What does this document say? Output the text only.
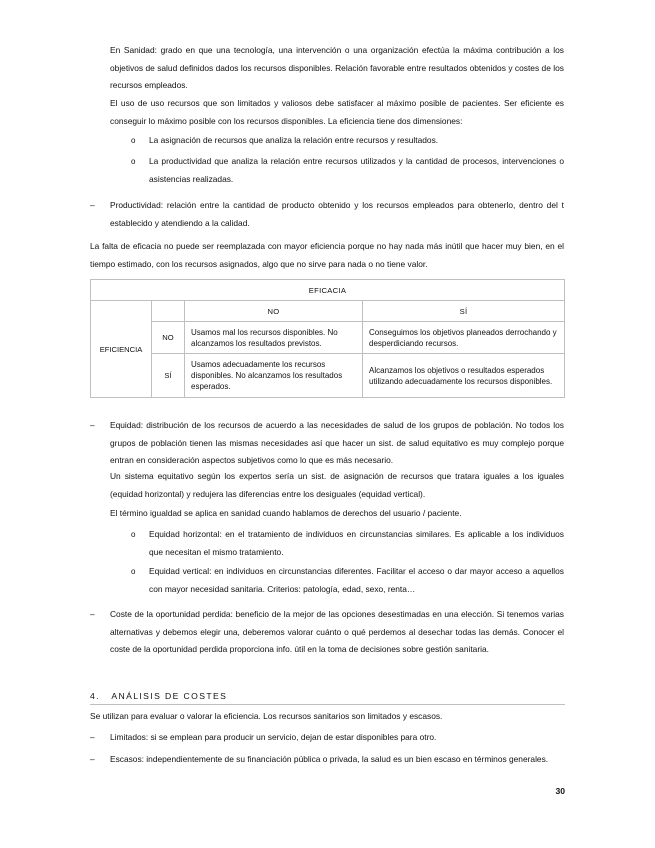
En Sanidad: grado en que una tecnología, una intervención o una organización efectúa la máxima contribución a los objetivos de salud definidos dados los recursos disponibles. Relación favorable entre resultados obtenidos y costes de los recursos empleados.
El uso de uso recursos que son limitados y valiosos debe satisfacer al máximo posible de pacientes. Ser eficiente es conseguir lo máximo posible con los recursos disponibles. La eficiencia tiene dos dimensiones:
o La asignación de recursos que analiza la relación entre recursos y resultados.
o La productividad que analiza la relación entre recursos utilizados y la cantidad de procesos, intervenciones o asistencias realizadas.
– Productividad: relación entre la cantidad de producto obtenido y los recursos empleados para obtenerlo, dentro del t establecido y atendiendo a la calidad.
La falta de eficacia no puede ser reemplazada con mayor eficiencia porque no hay nada más inútil que hacer muy bien, en el tiempo estimado, con los recursos asignados, algo que no sirve para nada o no tiene valor.
EFICACIA			
EFICIENCIA		NO	SÍ
	NO	Usamos mal los recursos disponibles. No alcanzamos los resultados previstos.	Conseguimos los objetivos planeados derrochando y desperdiciando recursos.
	SÍ	Usamos adecuadamente los recursos disponibles. No alcanzamos los resultados esperados.	Alcanzamos los objetivos o resultados esperados utilizando adecuadamente los recursos disponibles.
– Equidad: distribución de los recursos de acuerdo a las necesidades de salud de los grupos de población. No todos los grupos de población tienen las mismas necesidades así que hacer un sist. de salud equitativo es muy complejo porque entran en consideración aspectos subjetivos como lo que es más necesario.
Un sistema equitativo según los expertos sería un sist. de asignación de recursos que tratara iguales a los iguales (equidad horizontal) y redujera las diferencias entre los desiguales (equidad vertical).
El término igualdad se aplica en sanidad cuando hablamos de derechos del usuario / paciente.
o Equidad horizontal: en el tratamiento de individuos en circunstancias similares. Es aplicable a los individuos que necesitan el mismo tratamiento.
o Equidad vertical: en individuos en circunstancias diferentes. Facilitar el acceso o dar mayor acceso a aquellos con mayor necesidad sanitaria. Criterios: patología, edad, sexo, renta…
– Coste de la oportunidad perdida: beneficio de la mejor de las opciones desestimadas en una elección. Si tenemos varias alternativas y debemos elegir una, deberemos valorar cuánto o qué perdemos al desechar todas las demás. Conocer el coste de la oportunidad perdida proporciona info. útil en la toma de decisiones sobre gestión sanitaria.
4. ANÁLISIS DE COSTES
Se utilizan para evaluar o valorar la eficiencia. Los recursos sanitarios son limitados y escasos.
– Limitados: si se emplean para producir un servicio, dejan de estar disponibles para otro.
– Escasos: independientemente de su financiación pública o privada, la salud es un bien escaso en términos generales.
30
